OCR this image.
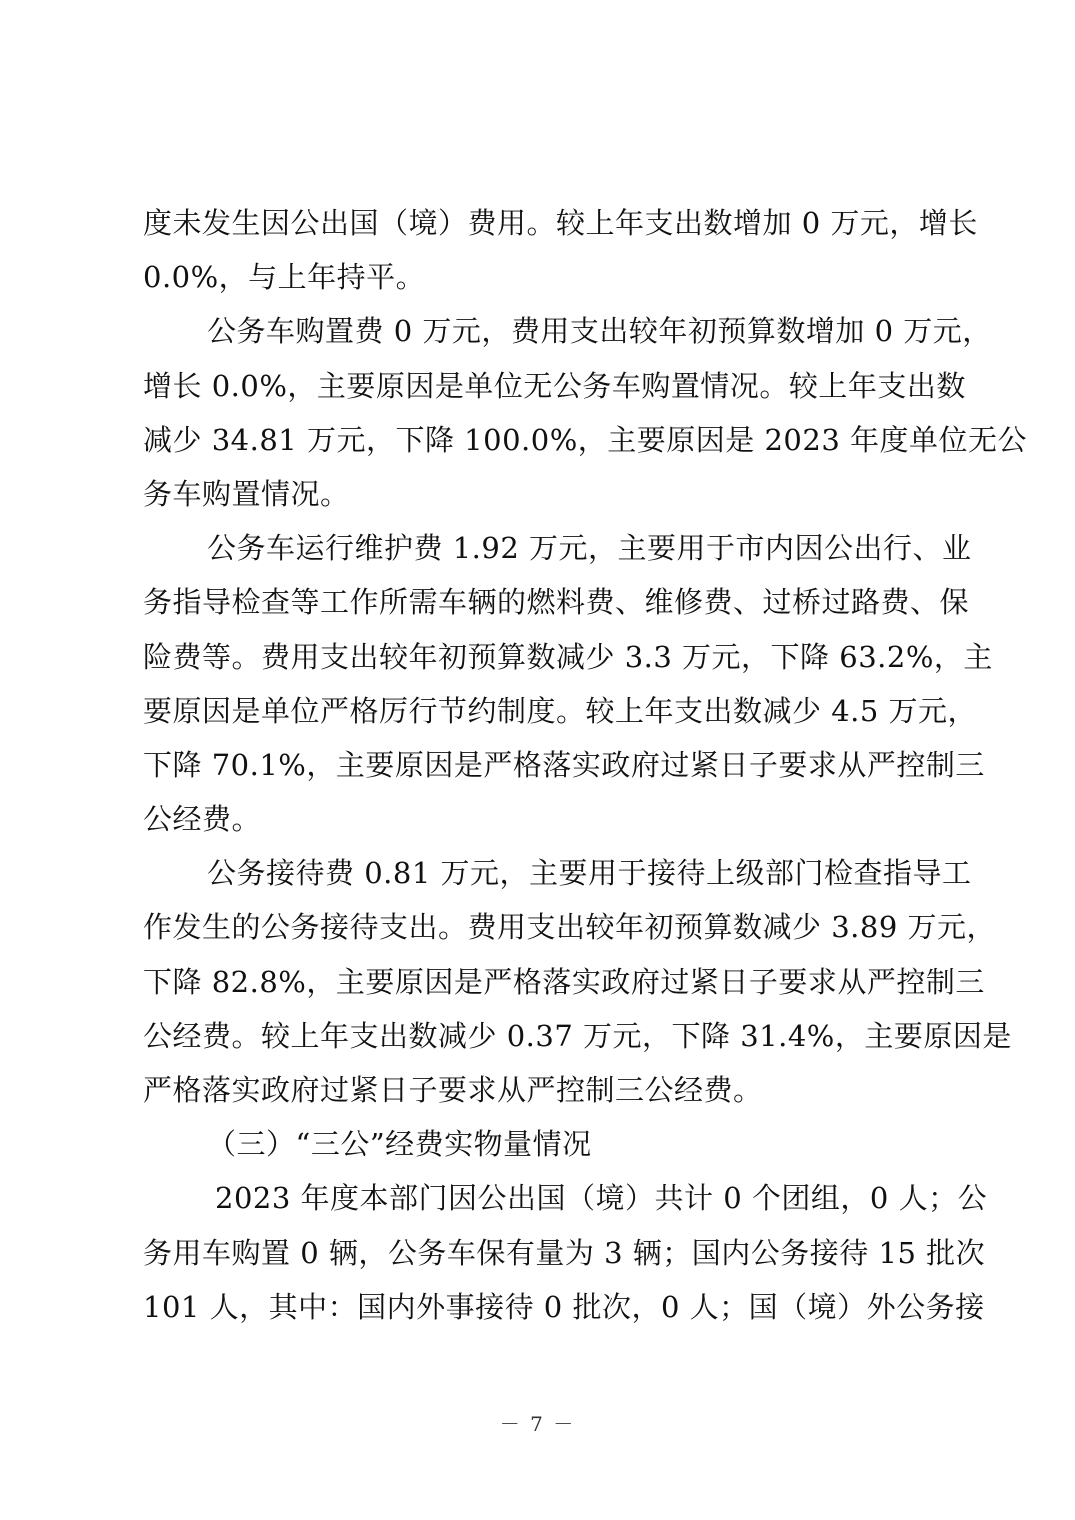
度未发生因公出国（境）费用。较上年支出数增加 0 万元，增长
0.0%，与上年持平。
公务车购置费 0 万元，费用支出较年初预算数增加 0 万元，
增长 0.0%，主要原因是单位无公务车购置情况。较上年支出数
减少 34.81 万元，下降 100.0%，主要原因是 2023 年度单位无公
务车购置情况。
公务车运行维护费 1.92 万元，主要用于市内因公出行、业
务指导检查等工作所需车辆的燃料费、维修费、过桥过路费、保
险费等。费用支出较年初预算数减少 3.3 万元，下降 63.2%，主
要原因是单位严格厉行节约制度。较上年支出数减少 4.5 万元，
下降 70.1%，主要原因是严格落实政府过紧日子要求从严控制三
公经费。
公务接待费 0.81 万元，主要用于接待上级部门检查指导工
作发生的公务接待支出。费用支出较年初预算数减少 3.89 万元，
下降 82.8%，主要原因是严格落实政府过紧日子要求从严控制三
公经费。较上年支出数减少 0.37 万元，下降 31.4%，主要原因是
严格落实政府过紧日子要求从严控制三公经费。
（三）“三公”经费实物量情况
2023 年度本部门因公出国（境）共计 0 个团组，0 人；公
务用车购置 0 辆，公务车保有量为 3 辆；国内公务接待 15 批次
101 人，其中：国内外事接待 0 批次，0 人；国（境）外公务接
－ 7 －
